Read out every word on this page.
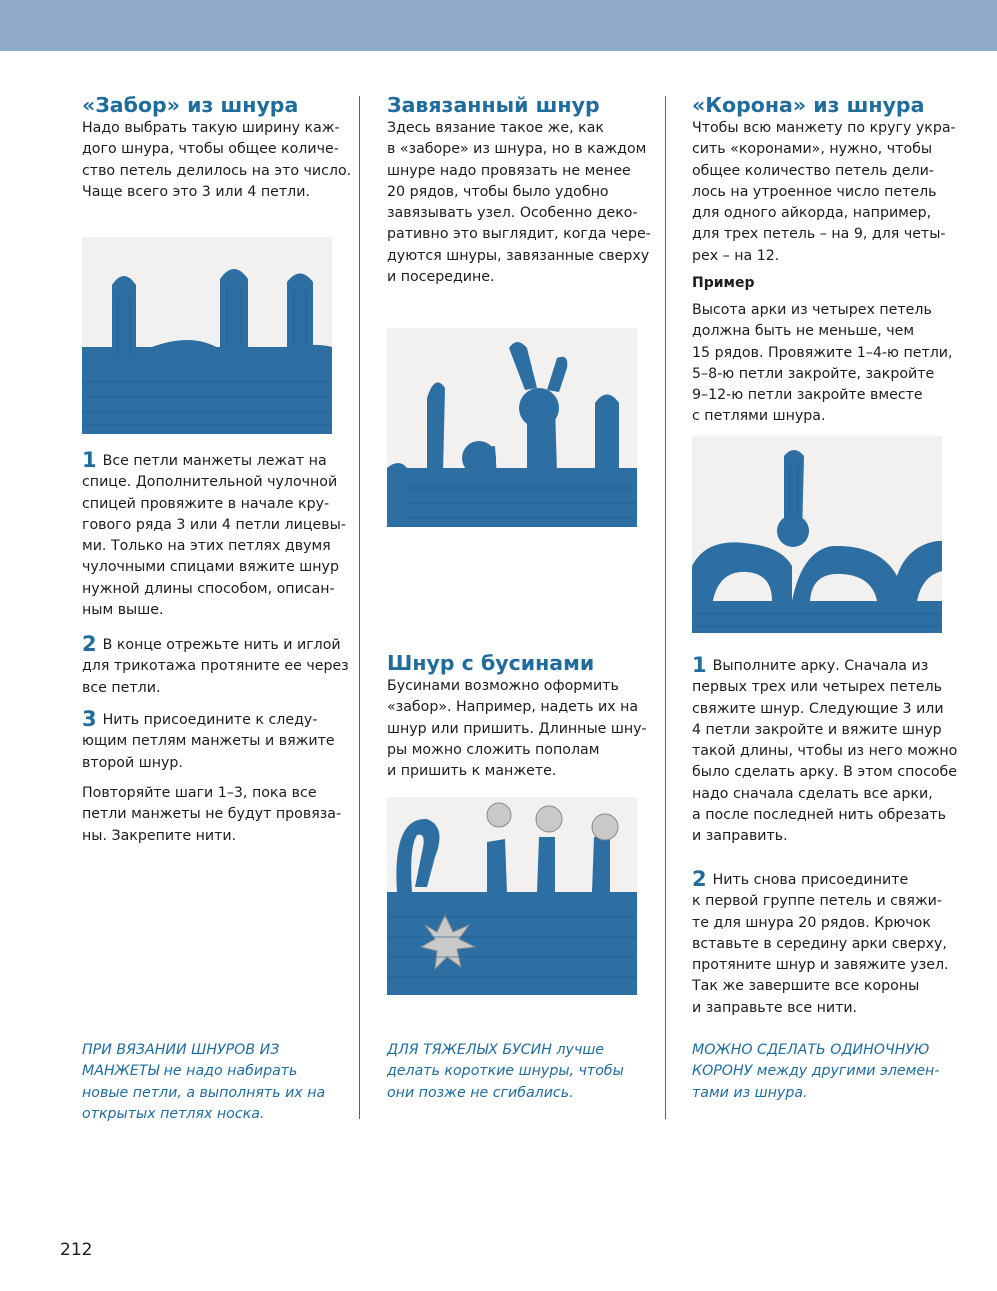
«Забор» из шнура
Надо выбрать такую ширину каж-
дого шнура, чтобы общее количе-
ство петель делилось на это число.
Чаще всего это 3 или 4 петли.
1 Все петли манжеты лежат на
спице. Дополнительной чулочной
спицей провяжите в начале кру-
гового ряда 3 или 4 петли лицевы-
ми. Только на этих петлях двумя
чулочными спицами вяжите шнур
нужной длины способом, описан-
ным выше.
2 В конце отрежьте нить и иглой
для трикотажа протяните ее через
все петли.
3 Нить присоедините к следу-
ющим петлям манжеты и вяжите
второй шнур.
Повторяйте шаги 1–3, пока все
петли манжеты не будут провяза-
ны. Закрепите нити.
ПРИ ВЯЗАНИИ ШНУРОВ ИЗ
МАНЖЕТЫ не надо набирать
новые петли, а выполнять их на
открытых петлях носка.
Завязанный шнур
Здесь вязание такое же, как
в «заборе» из шнура, но в каждом
шнуре надо провязать не менее
20 рядов, чтобы было удобно
завязывать узел. Особенно деко-
ративно это выглядит, когда чере-
дуются шнуры, завязанные сверху
и посередине.
Шнур с бусинами
Бусинами возможно оформить
«забор». Например, надеть их на
шнур или пришить. Длинные шну-
ры можно сложить пополам
и пришить к манжете.
ДЛЯ ТЯЖЕЛЫХ БУСИН лучше
делать короткие шнуры, чтобы
они позже не сгибались.
«Корона» из шнура
Чтобы всю манжету по кругу укра-
сить «коронами», нужно, чтобы
общее количество петель дели-
лось на утроенное число петель
для одного айкорда, например,
для трех петель – на 9, для четы-
рех – на 12.
Пример
Высота арки из четырех петель
должна быть не меньше, чем
15 рядов. Провяжите 1–4-ю петли,
5–8-ю петли закройте, закройте
9–12-ю петли закройте вместе
с петлями шнура.
1 Выполните арку. Сначала из
первых трех или четырех петель
свяжите шнур. Следующие 3 или
4 петли закройте и вяжите шнур
такой длины, чтобы из него можно
было сделать арку. В этом способе
надо сначала сделать все арки,
а после последней нить обрезать
и заправить.
2 Нить снова присоедините
к первой группе петель и свяжи-
те для шнура 20 рядов. Крючок
вставьте в середину арки сверху,
протяните шнур и завяжите узел.
Так же завершите все короны
и заправьте все нити.
МОЖНО СДЕЛАТЬ ОДИНОЧНУЮ
КОРОНУ между другими элемен-
тами из шнура.
212
